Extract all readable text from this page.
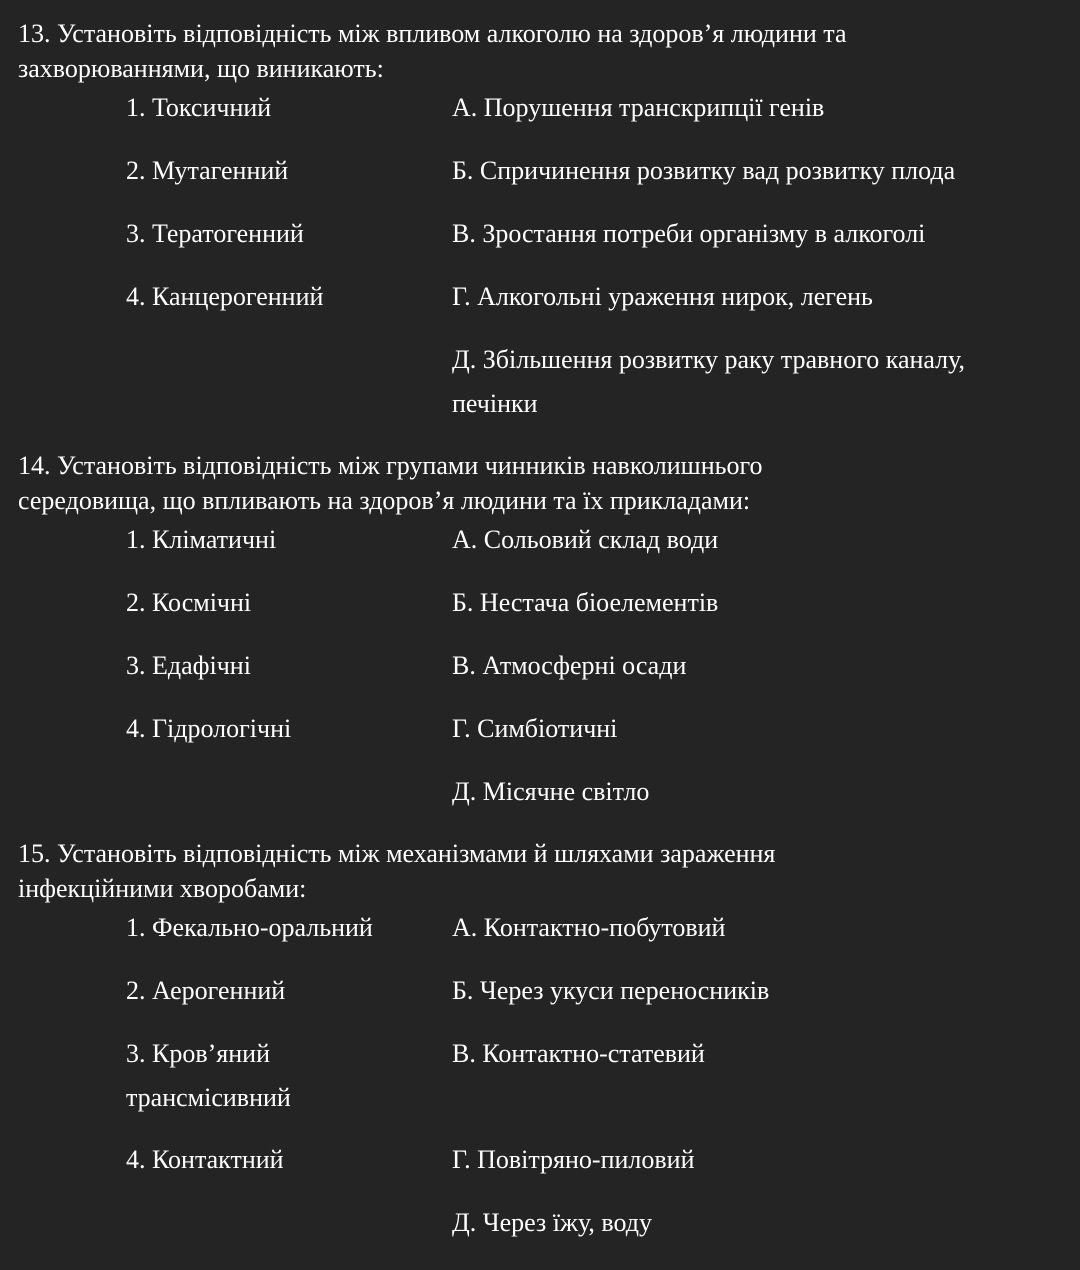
13. Установіть відповідність між впливом алкоголю на здоров’я людини та захворюваннями, що виникають:

1. Токсичний
2. Мутагенний
3. Тератогенний
4. Канцерогенний
А. Порушення транскрипції генів
Б. Спричинення розвитку вад розвитку плода
В. Зростання потреби організму в алкоголі
Г. Алкогольні ураження нирок, легень
Д. Збільшення розвитку раку травного каналу, печінки

14. Установіть відповідність між групами чинників навколишнього середовища, що впливають на здоров’я людини та їх прикладами:

1. Кліматичні
2. Космічні
3. Едафічні
4. Гідрологічні
А. Сольовий склад води
Б. Нестача біоелементів
В. Атмосферні осади
Г. Симбіотичні
Д. Місячне світло

15. Установіть відповідність між механізмами й шляхами зараження інфекційними хворобами:

1. Фекально-оральний
2. Аерогенний
3. Кров’яний трансмісивний
4. Контактний
А. Контактно-побутовий
Б. Через укуси переносників
В. Контактно-статевий
Г. Повітряно-пиловий
Д. Через їжу, воду
